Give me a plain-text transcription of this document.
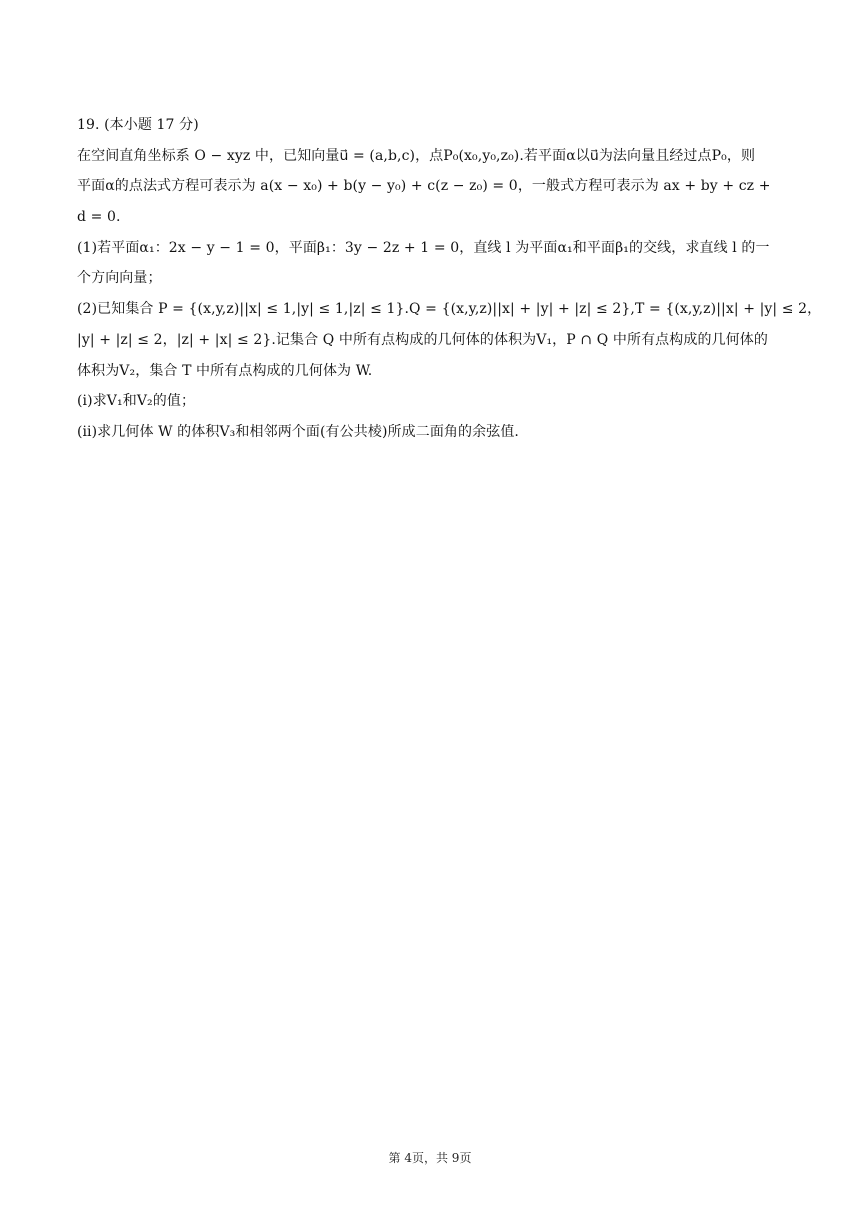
19. (本小题 17 分)
在空间直角坐标系 O − xyz 中，已知向量u⃗ = (a,b,c)，点P₀(x₀,y₀,z₀).若平面α以u⃗为法向量且经过点P₀，则
平面α的点法式方程可表示为 a(x − x₀) + b(y − y₀) + c(z − z₀) = 0，一般式方程可表示为 ax + by + cz +
d = 0.
(1)若平面α₁：2x − y − 1 = 0，平面β₁：3y − 2z + 1 = 0，直线 l 为平面α₁和平面β₁的交线，求直线 l 的一
个方向向量；
(2)已知集合 P = {(x,y,z)||x| ≤ 1,|y| ≤ 1,|z| ≤ 1}.Q = {(x,y,z)||x| + |y| + |z| ≤ 2},T = {(x,y,z)||x| + |y| ≤ 2，
|y| + |z| ≤ 2，|z| + |x| ≤ 2}.记集合 Q 中所有点构成的几何体的体积为V₁，P ∩ Q 中所有点构成的几何体的
体积为V₂，集合 T 中所有点构成的几何体为 W.
(ⅰ)求V₁和V₂的值；
(ⅱ)求几何体 W 的体积V₃和相邻两个面(有公共棱)所成二面角的余弦值.
第 4页，共 9页
